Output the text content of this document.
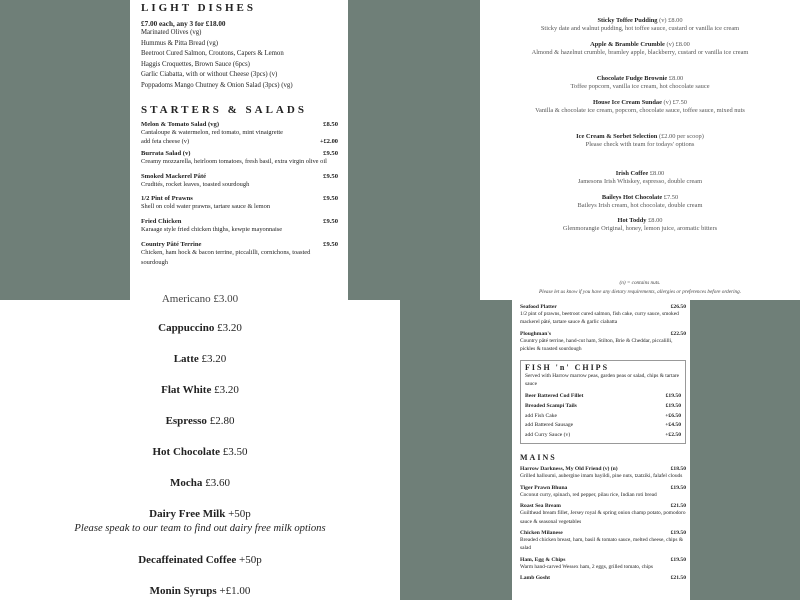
LIGHT DISHES
£7.00 each, any 3 for £18.00
Marinated Olives (vg)
Hummus & Pitta Bread (vg)
Beetroot Cured Salmon, Croutons, Capers & Lemon
Haggis Croquettes, Brown Sauce (6pcs)
Garlic Ciabatta, with or without Cheese (3pcs) (v)
Poppadoms Mango Chutney & Onion Salad (3pcs) (vg)
STARTERS & SALADS
Melon & Tomato Salad (vg)	£8.50
Cantaloupe & watermelon, red tomato, mint vinaigrette
add feta cheese (v)	+£2.00
Burrata Salad (v)	£9.50
Creamy mozzarella, heirloom tomatoes, fresh basil, extra virgin olive oil
Smoked Mackerel Pâté	£9.50
Crudités, rocket leaves, toasted sourdough
1/2 Pint of Prawns	£9.50
Shell on cold water prawns, tartare sauce & lemon
Fried Chicken	£9.50
Karaage style fried chicken thighs, kewpie mayonnaise
Country Pâté Terrine	£9.50
Chicken, ham hock & bacon terrine, piccalilli, cornichons, toasted sourdough
Sticky Toffee Pudding (v) £8.00
Sticky date and walnut pudding, hot toffee sauce, custard or vanilla ice cream
Apple & Bramble Crumble (v) £8.00
Almond & hazelnut crumble, bramley apple, blackberry, custard or vanilla ice cream
Chocolate Fudge Brownie £8.00
Toffee popcorn, vanilla ice cream, hot chocolate sauce
House Ice Cream Sundae (v) £7.50
Vanilla & chocolate ice cream, popcorn, chocolate sauce, toffee sauce, mixed nuts
Ice Cream & Sorbet Selection (£2.00 per scoop)
Please check with team for todays' options
Irish Coffee £8.00
Jamesons Irish Whiskey, espresso, double cream
Baileys Hot Chocolate £7.50
Baileys Irish cream, hot chocolate, double cream
Hot Toddy £8.00
Glenmorangie Original, honey, lemon juice, aromatic bitters
(n) = contains nuts.
Please let us know if you have any dietary requirements, allergies or preferences before ordering.
Americano £3.00
Cappuccino £3.20
Latte £3.20
Flat White £3.20
Espresso £2.80
Hot Chocolate £3.50
Mocha £3.60
Dairy Free Milk +50p
Please speak to our team to find out dairy free milk options
Decaffeinated Coffee +50p
Monin Syrups +£1.00
Seafood Platter	£26.50
1/2 pint of prawns, beetroot cured salmon, fish cake, curry sauce, smoked mackerel pâté, tartare sauce & garlic ciabatta
Ploughman's	£22.50
Country pâté terrine, hand-cut ham, Stilton, Brie & Cheddar, piccalilli, pickles & toasted sourdough
FISH 'n' CHIPS
Served with Harrow marrow peas, garden peas or salad, chips & tartare sauce
Beer Battered Cod Fillet	£19.50
Breaded Scampi Tails	£19.50
add Fish Cake	+£6.50
add Battered Sausage	+£4.50
add Curry Sauce (v)	+£2.50
MAINS
Harrow Darkness, My Old Friend (v) (n)	£18.50
Grilled halloumi, aubergine imam bayildi, pine nuts, tzatziki, falafel clouds
Tiger Prawn Bhuna	£19.50
Coconut curry, spinach, red pepper, pilau rice, Indian roti bread
Roast Sea Bream	£21.50
Guilthead bream fillet, Jersey royal & spring onion champ potato, pomodoro sauce & seasonal vegetables
Chicken Milanese	£19.50
Breaded chicken breast, ham, basil & tomato sauce, melted cheese, chips & salad
Ham, Egg & Chips	£19.50
Warm hand-carved Wessex ham, 2 eggs, grilled tomato, chips
Lamb Gosht	£21.50
